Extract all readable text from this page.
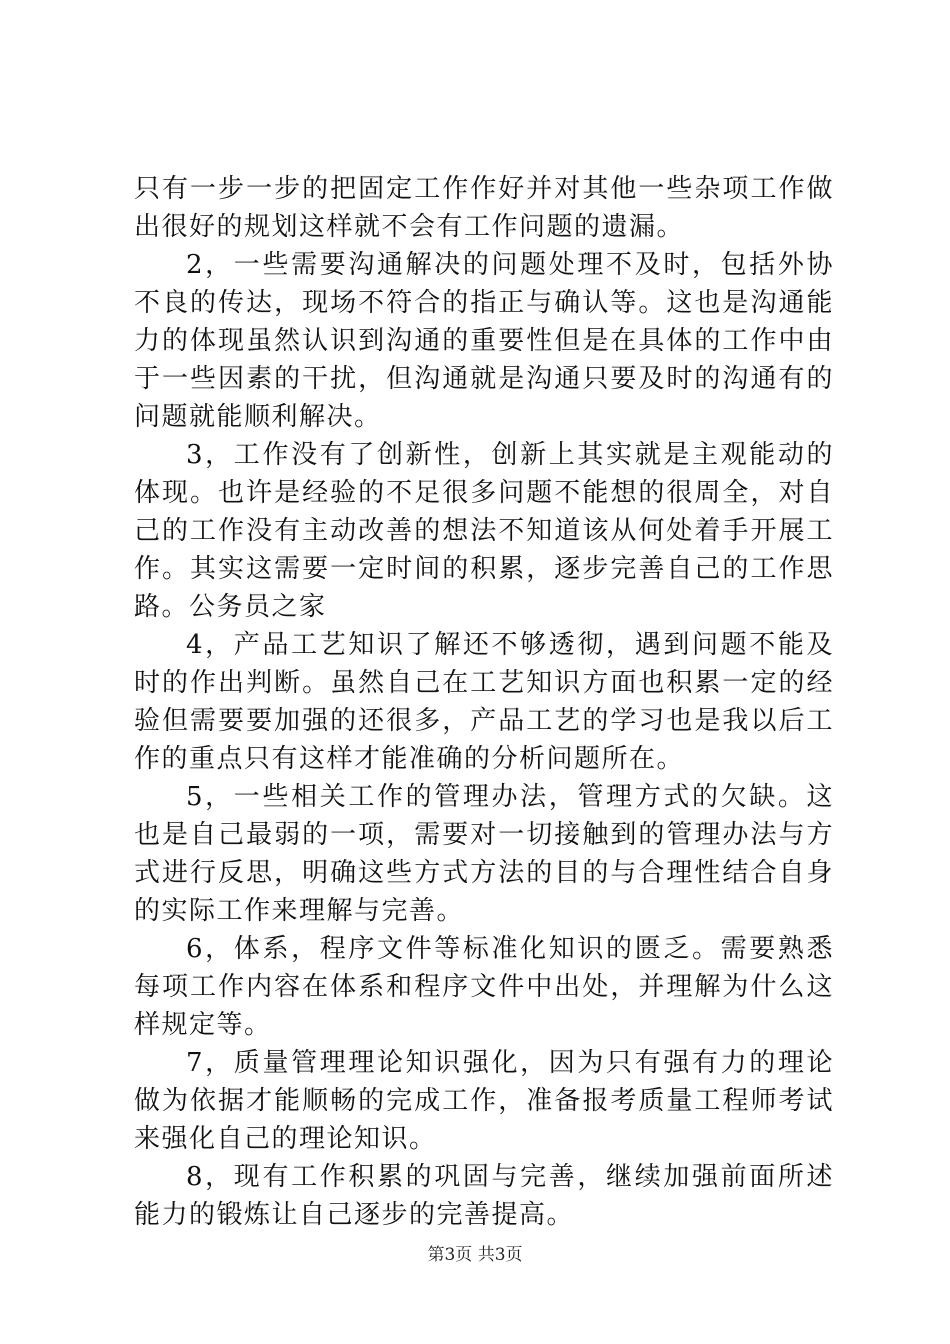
只有一步一步的把固定工作作好并对其他一些杂项工作做出很好的规划这样就不会有工作问题的遗漏。

2，一些需要沟通解决的问题处理不及时，包括外协不良的传达，现场不符合的指正与确认等。这也是沟通能力的体现虽然认识到沟通的重要性但是在具体的工作中由于一些因素的干扰，但沟通就是沟通只要及时的沟通有的问题就能顺利解决。

3，工作没有了创新性，创新上其实就是主观能动的体现。也许是经验的不足很多问题不能想的很周全，对自己的工作没有主动改善的想法不知道该从何处着手开展工作。其实这需要一定时间的积累，逐步完善自己的工作思路。公务员之家

4，产品工艺知识了解还不够透彻，遇到问题不能及时的作出判断。虽然自己在工艺知识方面也积累一定的经验但需要要加强的还很多，产品工艺的学习也是我以后工作的重点只有这样才能准确的分析问题所在。

5，一些相关工作的管理办法，管理方式的欠缺。这也是自己最弱的一项，需要对一切接触到的管理办法与方式进行反思，明确这些方式方法的目的与合理性结合自身的实际工作来理解与完善。

6，体系，程序文件等标准化知识的匮乏。需要熟悉每项工作内容在体系和程序文件中出处，并理解为什么这样规定等。

7，质量管理理论知识强化，因为只有强有力的理论做为依据才能顺畅的完成工作，准备报考质量工程师考试来强化自己的理论知识。

8，现有工作积累的巩固与完善，继续加强前面所述能力的锻炼让自己逐步的完善提高。

第3页 共3页
